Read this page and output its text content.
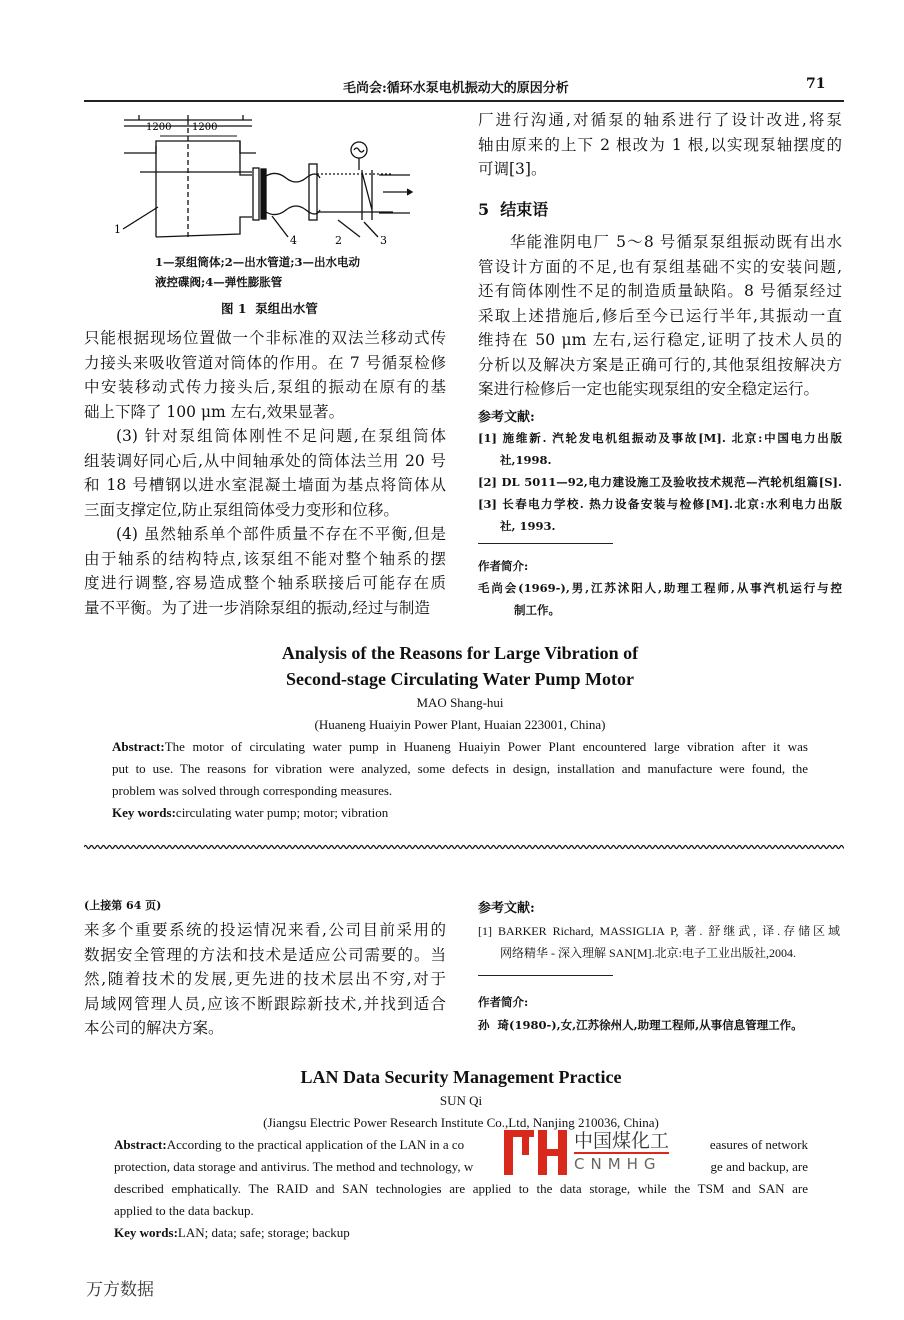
毛尚会:循环水泵电机振动大的原因分析	71
1200 1200
1
4	2	3
1—泵组筒体;2—出水管道;3—出水电动
液控碟阀;4—弹性膨胀管
图 1  泵组出水管
只能根据现场位置做一个非标准的双法兰移动式传
力接头来吸收管道对筒体的作用。在 7 号循泵检修
中安装移动式传力接头后,泵组的振动在原有的基
础上下降了 100 μm 左右,效果显著。
(3) 针对泵组筒体刚性不足问题,在泵组筒体
组装调好同心后,从中间轴承处的筒体法兰用 20 号
和 18 号槽钢以进水室混凝土墙面为基点将筒体从
三面支撑定位,防止泵组筒体受力变形和位移。
(4) 虽然轴系单个部件质量不存在不平衡,但是
由于轴系的结构特点,该泵组不能对整个轴系的摆
度进行调整,容易造成整个轴系联接后可能存在质
量不平衡。为了进一步消除泵组的振动,经过与制造
厂进行沟通,对循泵的轴系进行了设计改进,将泵
轴由原来的上下 2 根改为 1 根,以实现泵轴摆度的
可调[3]。
5  结束语
华能淮阴电厂 5～8 号循泵泵组振动既有出水
管设计方面的不足,也有泵组基础不实的安装问题,
还有筒体刚性不足的制造质量缺陷。8 号循泵经过
采取上述措施后,修后至今已运行半年,其振动一直
维持在 50 μm 左右,运行稳定,证明了技术人员的
分析以及解决方案是正确可行的,其他泵组按解决方
案进行检修后一定也能实现泵组的安全稳定运行。
参考文献:
[1] 施维新. 汽轮发电机组振动及事故[M]. 北京:中国电力出版
社,1998.
[2] DL 5011—92,电力建设施工及验收技术规范—汽轮机组篇[S].
[3] 长春电力学校. 热力设备安装与检修[M].北京:水利电力出版
社, 1993.
作者简介:
毛尚会(1969-),男,江苏沭阳人,助理工程师,从事汽机运行与控
制工作。
Analysis of the Reasons for Large Vibration of
Second-stage Circulating Water Pump Motor
MAO Shang-hui
(Huaneng Huaiyin Power Plant, Huaian 223001, China)
Abstract:The motor of circulating water pump in Huaneng Huaiyin Power Plant encountered large vibration after it was
put to use. The reasons for vibration were analyzed, some defects in design, installation and manufacture were found, the
problem was solved through corresponding measures.
Key words:circulating water pump; motor; vibration
(上接第 64 页)
来多个重要系统的投运情况来看,公司目前采用的
数据安全管理的方法和技术是适应公司需要的。当
然,随着技术的发展,更先进的技术层出不穷,对于
局域网管理人员,应该不断跟踪新技术,并找到适合
本公司的解决方案。
参考文献:
[1] BARKER Richard, MASSIGLIA P, 著. 舒继武, 译.存储区域
网络精华 - 深入理解 SAN[M].北京:电子工业出版社,2004.
作者简介:
孙  琦(1980-),女,江苏徐州人,助理工程师,从事信息管理工作。
LAN Data Security Management Practice
SUN Qi
(Jiangsu Electric Power Research Institute Co.,Ltd, Nanjing 210036, China)
Abstract:According to the practical application of the LAN in a co	easures of network
protection, data storage and antivirus. The method and technology, w	ge and backup, are
described emphatically. The RAID and SAN technologies are applied to the data storage, while the TSM and SAN are
applied to the data backup.
Key words:LAN; data; safe; storage; backup
中国煤化工
CNMHG
万方数据
